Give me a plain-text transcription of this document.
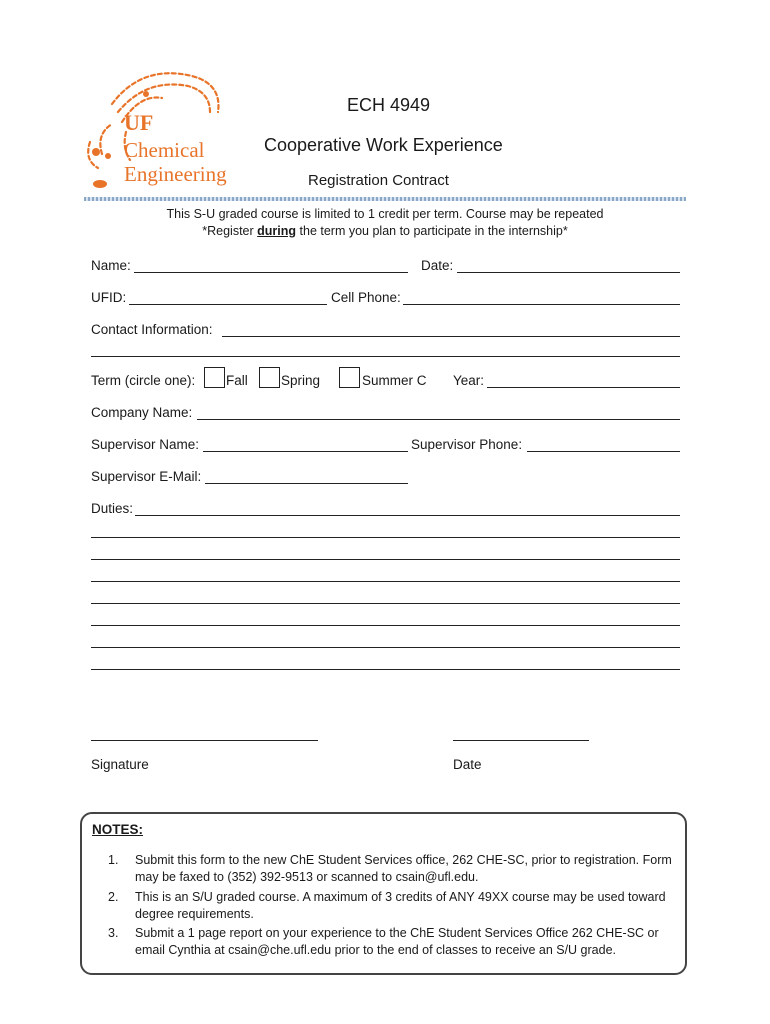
UF
Chemical
Engineering
ECH 4949
Cooperative Work Experience
Registration Contract
This S-U graded course is limited to 1 credit per term. Course may be repeated
*Register during the term you plan to participate in the internship*
Name:	Date:
UFID:	Cell Phone:
Contact Information:
Term (circle one): Fall Spring	Summer C Year:
Company Name:
Supervisor Name:	Supervisor Phone:
Supervisor E-Mail:
Duties:
Signature	Date
NOTES:
1. Submit this form to the new ChE Student Services office, 262 CHE-SC, prior to registration. Form may be faxed to (352) 392-9513 or scanned to csain@ufl.edu.
2. This is an S/U graded course. A maximum of 3 credits of ANY 49XX course may be used toward degree requirements.
3. Submit a 1 page report on your experience to the ChE Student Services Office 262 CHE-SC or email Cynthia at csain@che.ufl.edu prior to the end of classes to receive an S/U grade.
